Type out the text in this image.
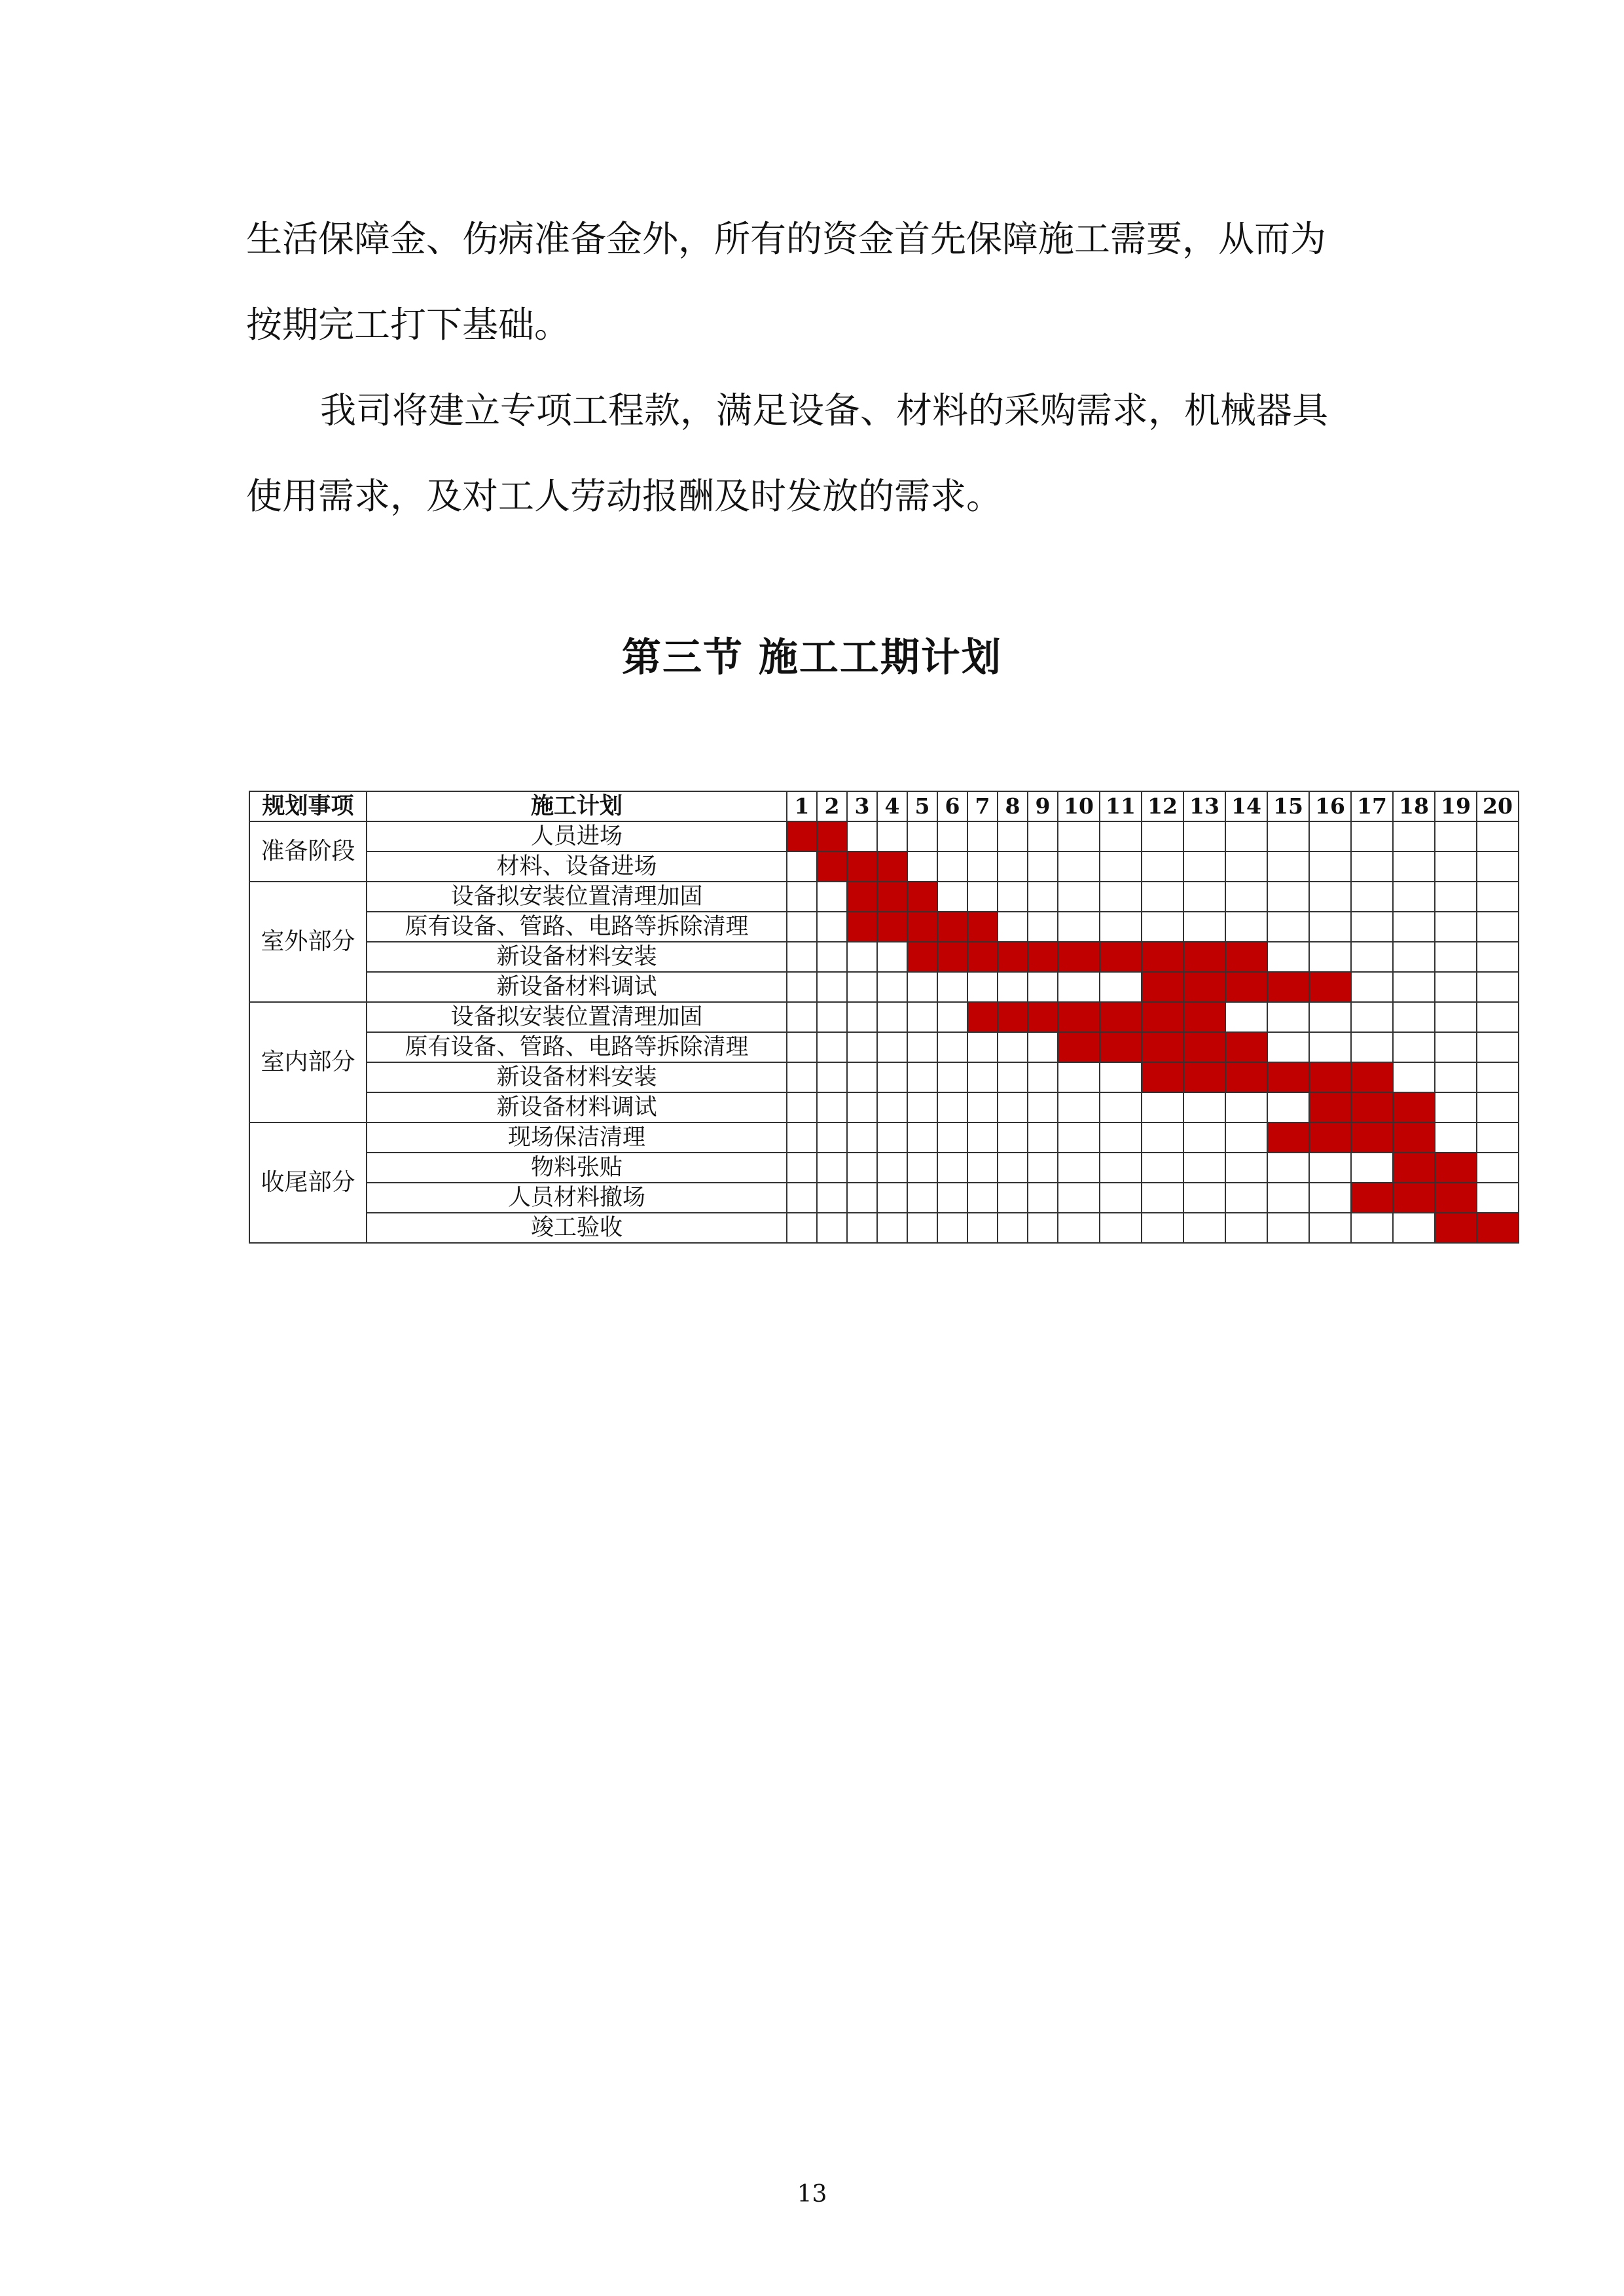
生活保障金、伤病准备金外，所有的资金首先保障施工需要，从而为

按期完工打下基础。

我司将建立专项工程款，满足设备、材料的采购需求，机械器具

使用需求，及对工人劳动报酬及时发放的需求。

第三节 施工工期计划
规划事项	施工计划	1	2	3	4	5	6	7	8	9	10	11	12	13	14	15	16	17	18	19	20
准备阶段	人员进场																				
	材料、设备进场																				
室外部分	设备拟安装位置清理加固																				
	原有设备、管路、电路等拆除清理																				
	新设备材料安装																				
	新设备材料调试																				
室内部分	设备拟安装位置清理加固																				
	原有设备、管路、电路等拆除清理																				
	新设备材料安装																				
	新设备材料调试																				
收尾部分	现场保洁清理																				
	物料张贴																				
	人员材料撤场																				
	竣工验收																				
13
